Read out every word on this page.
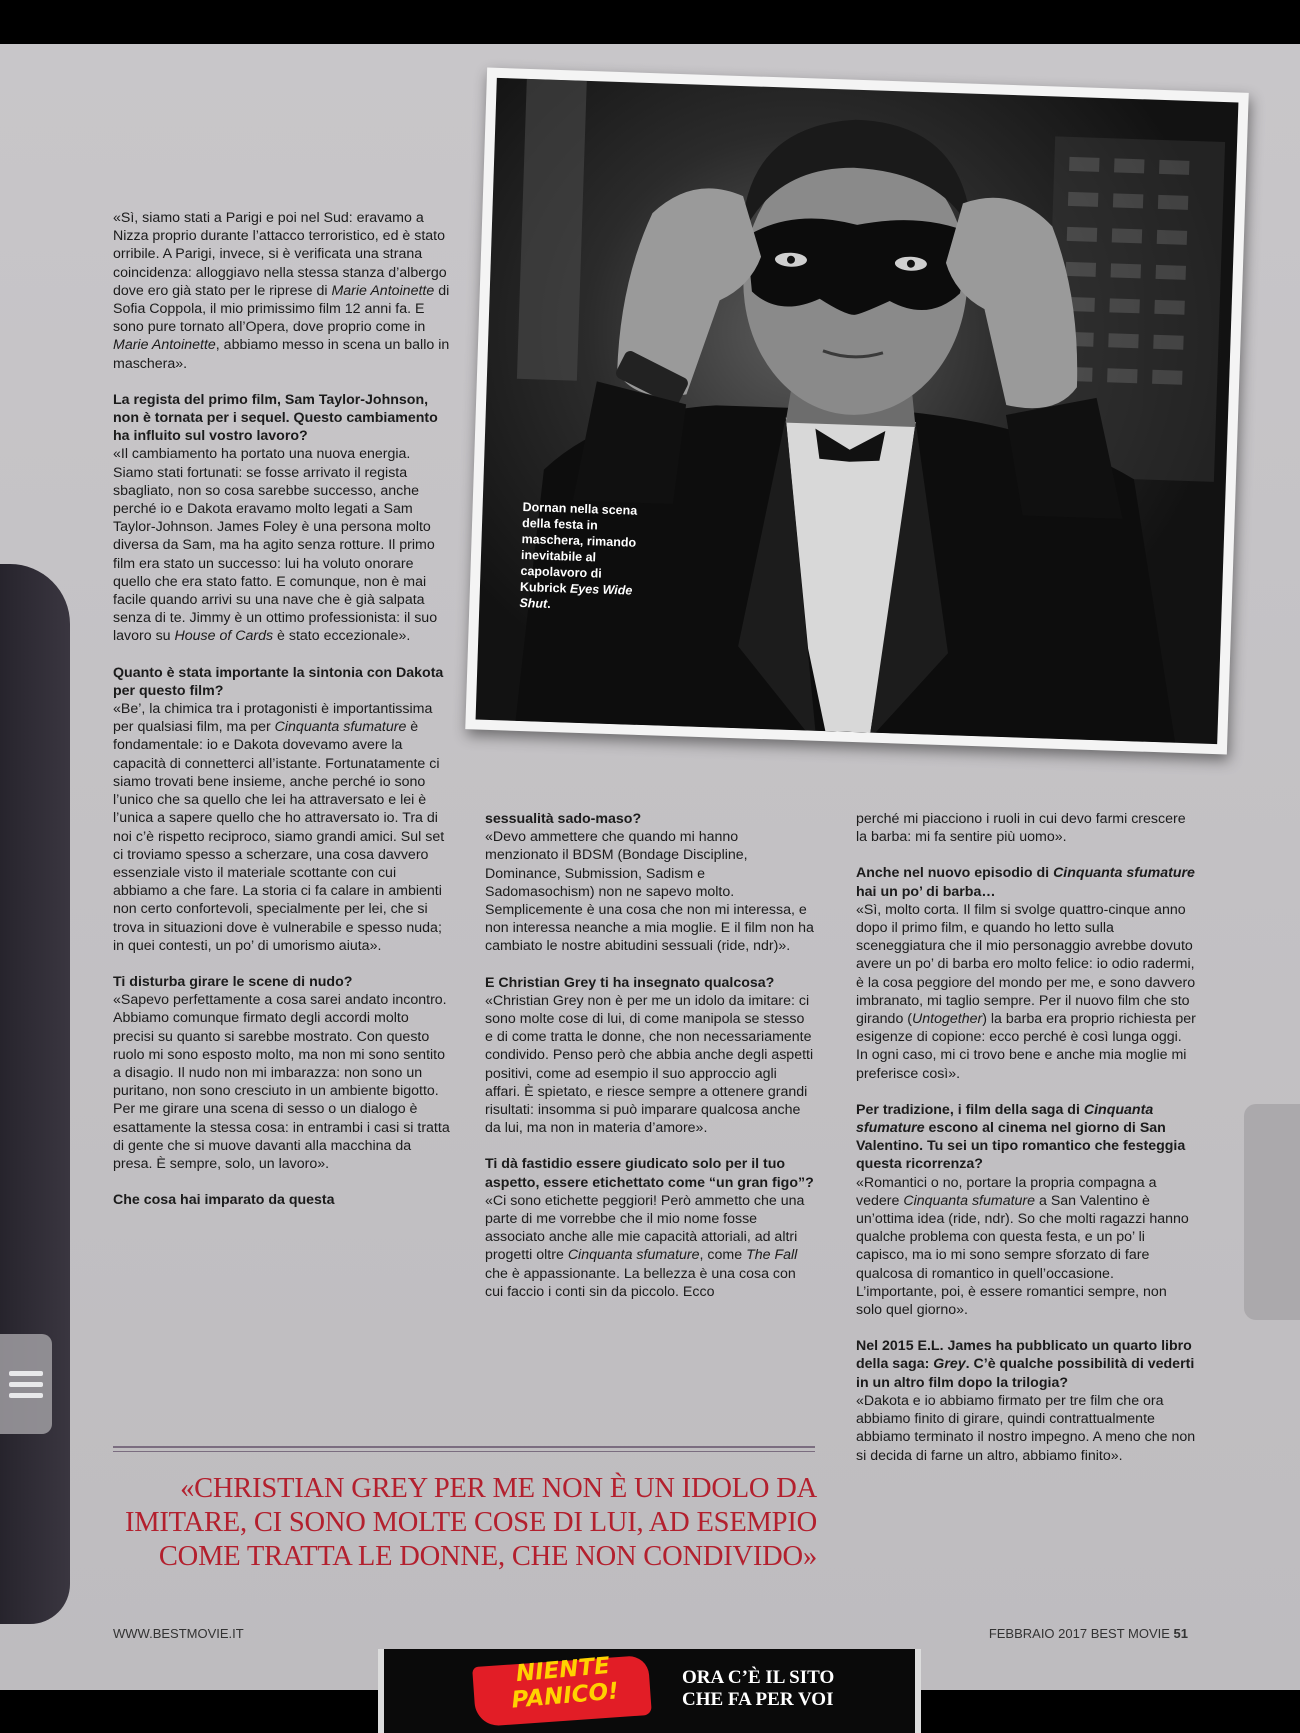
Dornan nella scena della festa in maschera, rimando inevitabile al capolavoro di Kubrick Eyes Wide Shut.

«Sì, siamo stati a Parigi e poi nel Sud: eravamo a Nizza proprio durante l’attacco terroristico, ed è stato orribile. A Parigi, invece, si è verificata una strana coincidenza: alloggiavo nella stessa stanza d’albergo dove ero già stato per le riprese di Marie Antoinette di Sofia Coppola, il mio primissimo film 12 anni fa. E sono pure tornato all’Opera, dove proprio come in Marie Antoinette, abbiamo messo in scena un ballo in maschera».

La regista del primo film, Sam Taylor-Johnson, non è tornata per i sequel. Questo cambiamento ha influito sul vostro lavoro?

«Il cambiamento ha portato una nuova energia. Siamo stati fortunati: se fosse arrivato il regista sbagliato, non so cosa sarebbe successo, anche perché io e Dakota eravamo molto legati a Sam Taylor-Johnson. James Foley è una persona molto diversa da Sam, ma ha agito senza rotture. Il primo film era stato un successo: lui ha voluto onorare quello che era stato fatto. E comunque, non è mai facile quando arrivi su una nave che è già salpata senza di te. Jimmy è un ottimo professionista: il suo lavoro su House of Cards è stato eccezionale».

Quanto è stata importante la sintonia con Dakota per questo film?

«Be’, la chimica tra i protagonisti è importantissima per qualsiasi film, ma per Cinquanta sfumature è fondamentale: io e Dakota dovevamo avere la capacità di connetterci all’istante. Fortunatamente ci siamo trovati bene insieme, anche perché io sono l’unico che sa quello che lei ha attraversato e lei è l’unica a sapere quello che ho attraversato io. Tra di noi c’è rispetto reciproco, siamo grandi amici. Sul set ci troviamo spesso a scherzare, una cosa davvero essenziale visto il materiale scottante con cui abbiamo a che fare. La storia ci fa calare in ambienti non certo confortevoli, specialmente per lei, che si trova in situazioni dove è vulnerabile e spesso nuda; in quei contesti, un po’ di umorismo aiuta».

Ti disturba girare le scene di nudo?

«Sapevo perfettamente a cosa sarei andato incontro. Abbiamo comunque firmato degli accordi molto precisi su quanto si sarebbe mostrato. Con questo ruolo mi sono esposto molto, ma non mi sono sentito a disagio. Il nudo non mi imbarazza: non sono un puritano, non sono cresciuto in un ambiente bigotto. Per me girare una scena di sesso o un dialogo è esattamente la stessa cosa: in entrambi i casi si tratta di gente che si muove davanti alla macchina da presa. È sempre, solo, un lavoro».

Che cosa hai imparato da questa

sessualità sado-maso?

«Devo ammettere che quando mi hanno menzionato il BDSM (Bondage Discipline, Dominance, Submission, Sadism e Sadomasochism) non ne sapevo molto. Semplicemente è una cosa che non mi interessa, e non interessa neanche a mia moglie. E il film non ha cambiato le nostre abitudini sessuali (ride, ndr)».

E Christian Grey ti ha insegnato qualcosa?

«Christian Grey non è per me un idolo da imitare: ci sono molte cose di lui, di come manipola se stesso e di come tratta le donne, che non necessariamente condivido. Penso però che abbia anche degli aspetti positivi, come ad esempio il suo approccio agli affari. È spietato, e riesce sempre a ottenere grandi risultati: insomma si può imparare qualcosa anche da lui, ma non in materia d’amore».

Ti dà fastidio essere giudicato solo per il tuo aspetto, essere etichettato come “un gran figo”?

«Ci sono etichette peggiori! Però ammetto che una parte di me vorrebbe che il mio nome fosse associato anche alle mie capacità attoriali, ad altri progetti oltre Cinquanta sfumature, come The Fall che è appassionante. La bellezza è una cosa con cui faccio i conti sin da piccolo. Ecco

perché mi piacciono i ruoli in cui devo farmi crescere la barba: mi fa sentire più uomo».

Anche nel nuovo episodio di Cinquanta sfumature hai un po’ di barba…

«Sì, molto corta. Il film si svolge quattro-cinque anno dopo il primo film, e quando ho letto sulla sceneggiatura che il mio personaggio avrebbe dovuto avere un po’ di barba ero molto felice: io odio radermi, è la cosa peggiore del mondo per me, e sono davvero imbranato, mi taglio sempre. Per il nuovo film che sto girando (Untogether) la barba era proprio richiesta per esigenze di copione: ecco perché è così lunga oggi. In ogni caso, mi ci trovo bene e anche mia moglie mi preferisce così».

Per tradizione, i film della saga di Cinquanta sfumature escono al cinema nel giorno di San Valentino. Tu sei un tipo romantico che festeggia questa ricorrenza?

«Romantici o no, portare la propria compagna a vedere Cinquanta sfumature a San Valentino è un’ottima idea (ride, ndr). So che molti ragazzi hanno qualche problema con questa festa, e un po’ li capisco, ma io mi sono sempre sforzato di fare qualcosa di romantico in quell’occasione. L’importante, poi, è essere romantici sempre, non solo quel giorno».

Nel 2015 E.L. James ha pubblicato un quarto libro della saga: Grey. C’è qualche possibilità di vederti in un altro film dopo la trilogia?

«Dakota e io abbiamo firmato per tre film che ora abbiamo finito di girare, quindi contrattualmente abbiamo terminato il nostro impegno. A meno che non si decida di farne un altro, abbiamo finito».

«CHRISTIAN GREY PER ME NON È UN IDOLO DA IMITARE, CI SONO MOLTE COSE DI LUI, AD ESEMPIO COME TRATTA LE DONNE, CHE NON CONDIVIDO»
WWW.BESTMOVIE.IT	FEBBRAIO 2017 BEST MOVIE 51
NIENTE
PANICO!
ORA C’È IL SITO
CHE FA PER VOI
